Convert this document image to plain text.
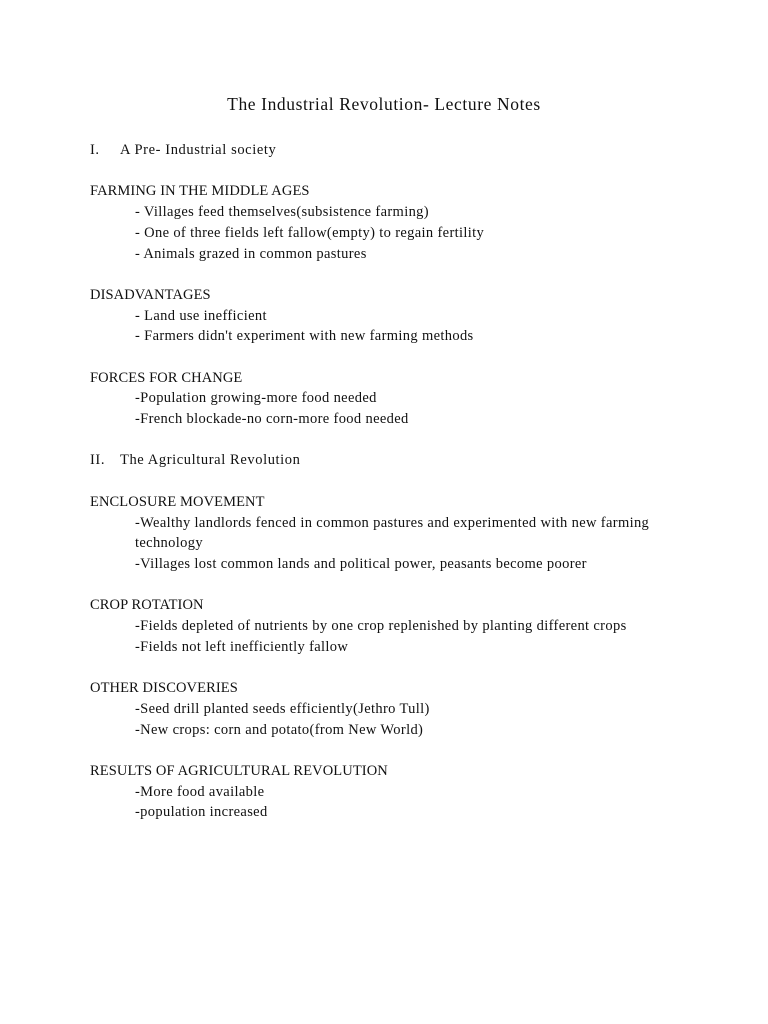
The Industrial Revolution- Lecture Notes
I. A Pre- Industrial society
FARMING IN THE MIDDLE AGES
- Villages feed themselves(subsistence farming)
- One of three fields left fallow(empty) to regain fertility
- Animals grazed in common pastures
DISADVANTAGES
- Land use inefficient
- Farmers didn't experiment with new farming methods
FORCES FOR CHANGE
-Population growing-more food needed
-French blockade-no corn-more food needed
II. The Agricultural Revolution
ENCLOSURE MOVEMENT
-Wealthy landlords fenced in common pastures and experimented with new farming technology
-Villages lost common lands and political power, peasants become poorer
CROP ROTATION
-Fields depleted of nutrients by one crop replenished by planting different crops
-Fields not left inefficiently fallow
OTHER DISCOVERIES
-Seed drill planted seeds efficiently(Jethro Tull)
-New crops: corn and potato(from New World)
RESULTS OF AGRICULTURAL REVOLUTION
-More food available
-population increased
